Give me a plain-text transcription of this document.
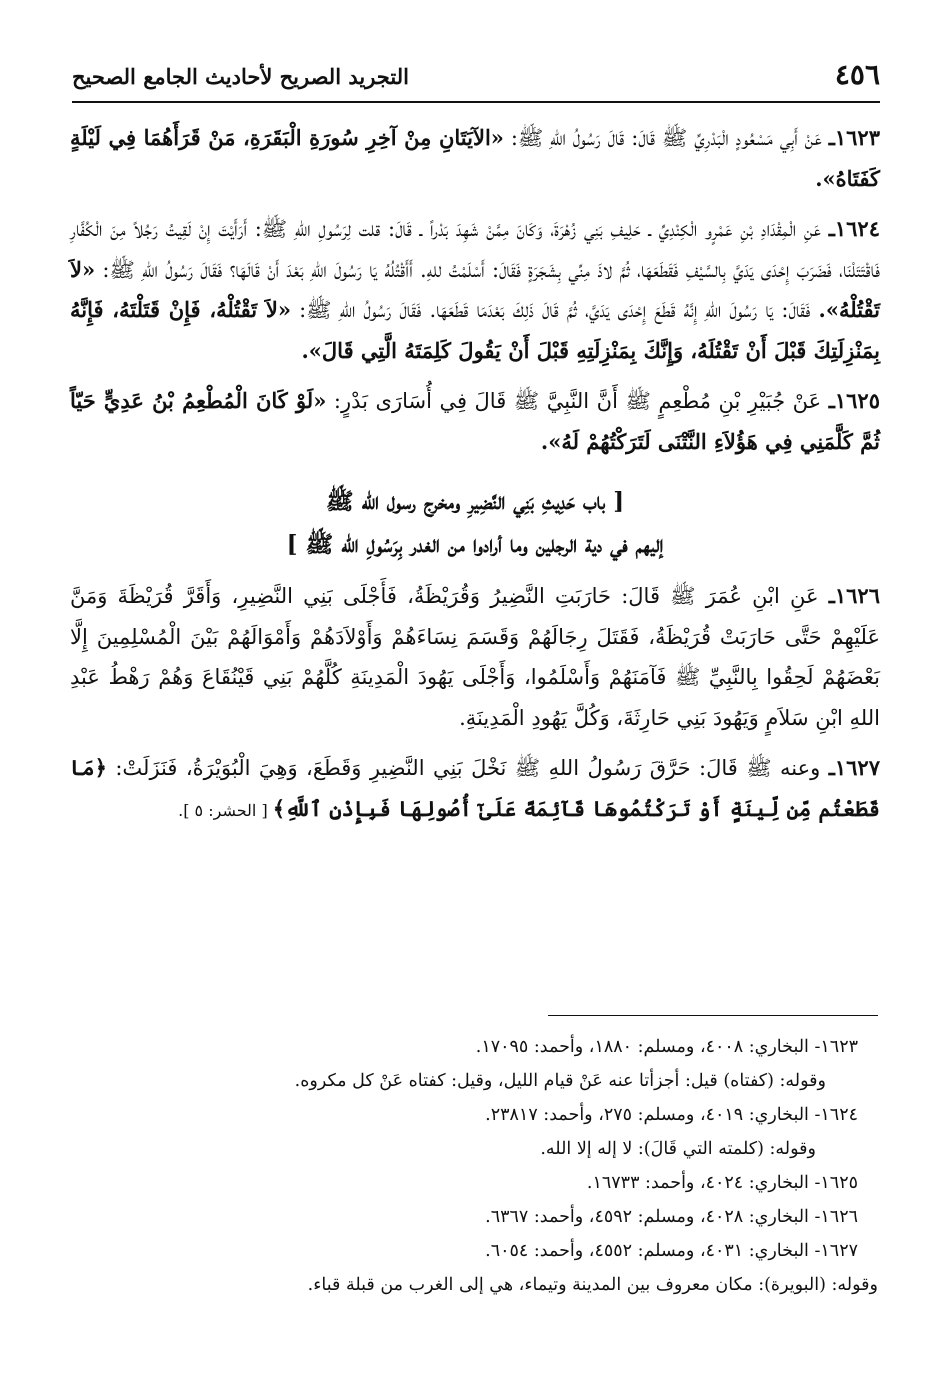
٤٥٦
التجريد الصريح لأحاديث الجامع الصحيح

١٦٢٣ـ عَنْ أَبِي مَسْعُودٍ الْبَدْرِيِّ ﷺ قَالَ: قَالَ رَسُولُ اللهِ ﷺ: «الآيَتَانِ مِنْ آخِرِ سُورَةِ الْبَقَرَةِ، مَنْ قَرَأَهُمَا فِي لَيْلَةٍ كَفَتَاهُ».

١٦٢٤ـ عَنِ الْمِقْدَادِ بْنِ عَمْرٍو الْكِنْدِيِّ ـ حَلِيفِ بَنِي زُهْرَةَ، وَكَانَ مِمَّنْ شَهِدَ بَدْراً ـ قَالَ: قلت لِرَسُولِ اللهِ ﷺ: أَرَأَيْتَ إِنْ لَقِيتُ رَجُلاً مِنَ الْكُفَّارِ فَاقْتَتَلْنَا، فَضَرَبَ إِحْدَى يَدَيَّ بِالسَّيْفِ فَقَطَعَهَا، ثُمَّ لاذَ مِنِّي بِشَجَرَةٍ فَقَالَ: أَسْلَمْتُ للهِ. أَأَقْتُلُهُ يَا رَسُولَ اللهِ بَعْدَ أَنْ قَالَهَا؟ فَقَالَ رَسُولُ اللهِ ﷺ: «لاَ تَقْتُلْهُ». فَقَالَ: يَا رَسُولَ اللهِ إِنَّهُ قَطَعَ إِحْدَى يَدَيَّ، ثُمَّ قَالَ ذَلِكَ بَعْدَمَا قَطَعَهَا. فَقَالَ رَسُولُ اللهِ ﷺ: «لاَ تَقْتُلْهُ، فَإِنْ قَتَلْتَهُ، فَإِنَّهُ بِمَنْزِلَتِكَ قَبْلَ أَنْ تَقْتُلَهُ، وَإِنَّكَ بِمَنْزِلَتِهِ قَبْلَ أَنْ يَقُولَ كَلِمَتَهُ الَّتِي قَالَ».

١٦٢٥ـ عَنْ جُبَيْرِ بْنِ مُطْعِمٍ ﷺ أَنَّ النَّبِيَّ ﷺ قَالَ فِي أُسَارَى بَدْرٍ: «لَوْ كَانَ الْمُطْعِمُ بْنُ عَدِيٍّ حَيّاً ثُمَّ كَلَّمَنِي فِي هَؤُلاَءِ النَّتْنَى لَتَرَكْتُهُمْ لَهُ».

[ باب حَدِيثِ بَنِي النَّضِيرِ ومخرج رسول الله ﷺ
إليهم في دية الرجلين وما أرادوا من الغدر بِرَسُولِ الله ﷺ ]

١٦٢٦ـ عَنِ ابْنِ عُمَرَ ﷺ قَالَ: حَارَبَتِ النَّضِيرُ وَقُرَيْظَةُ، فَأَجْلَى بَنِي النَّضِيرِ، وَأَقَرَّ قُرَيْظَةَ وَمَنَّ عَلَيْهِمْ حَتَّى حَارَبَتْ قُرَيْظَةُ، فَقَتَلَ رِجَالَهُمْ وَقَسَمَ نِسَاءَهُمْ وَأَوْلاَدَهُمْ وَأَمْوَالَهُمْ بَيْنَ الْمُسْلِمِينَ إِلَّا بَعْضَهُمْ لَحِقُوا بِالنَّبِيِّ ﷺ فَآمَنَهُمْ وَأَسْلَمُوا، وَأَجْلَى يَهُودَ الْمَدِينَةِ كُلَّهُمْ بَنِي قَيْنُقَاعَ وَهُمْ رَهْطُ عَبْدِ اللهِ ابْنِ سَلاَمٍ وَيَهُودَ بَنِي حَارِثَةَ، وَكُلَّ يَهُودِ الْمَدِينَةِ.

١٦٢٧ـ وعنه ﷺ قَالَ: حَرَّقَ رَسُولُ اللهِ ﷺ نَخْلَ بَنِي النَّضِيرِ وَقَطَعَ، وَهِيَ الْبُوَيْرَةُ، فَنَزَلَتْ: ﴿مَا قَطَعْتُم مِّن لِّينَةٍ أَوْ تَرَكْتُمُوهَا قَآئِمَةً عَلَىٰٓ أُصُولِهَا فَبِإِذْنِ ٱللَّهِ﴾ [ الحشر: ٥ ].

١٦٢٣- البخاري: ٤٠٠٨، ومسلم: ١٨٨٠، وأحمد: ١٧٠٩٥.

وقوله: (كفتاه) قيل: أجزأتا عنه عَنْ قيام الليل، وقيل: كفتاه عَنْ كل مكروه.

١٦٢٤- البخاري: ٤٠١٩، ومسلم: ٢٧٥، وأحمد: ٢٣٨١٧.

وقوله: (كلمته التي قَالَ): لا إله إلا الله.

١٦٢٥- البخاري: ٤٠٢٤، وأحمد: ١٦٧٣٣.

١٦٢٦- البخاري: ٤٠٢٨، ومسلم: ٤٥٩٢، وأحمد: ٦٣٦٧.

١٦٢٧- البخاري: ٤٠٣١، ومسلم: ٤٥٥٢، وأحمد: ٦٠٥٤.

وقوله: (البويرة): مكان معروف بين المدينة وتيماء، هي إلى الغرب من قبلة قباء.
